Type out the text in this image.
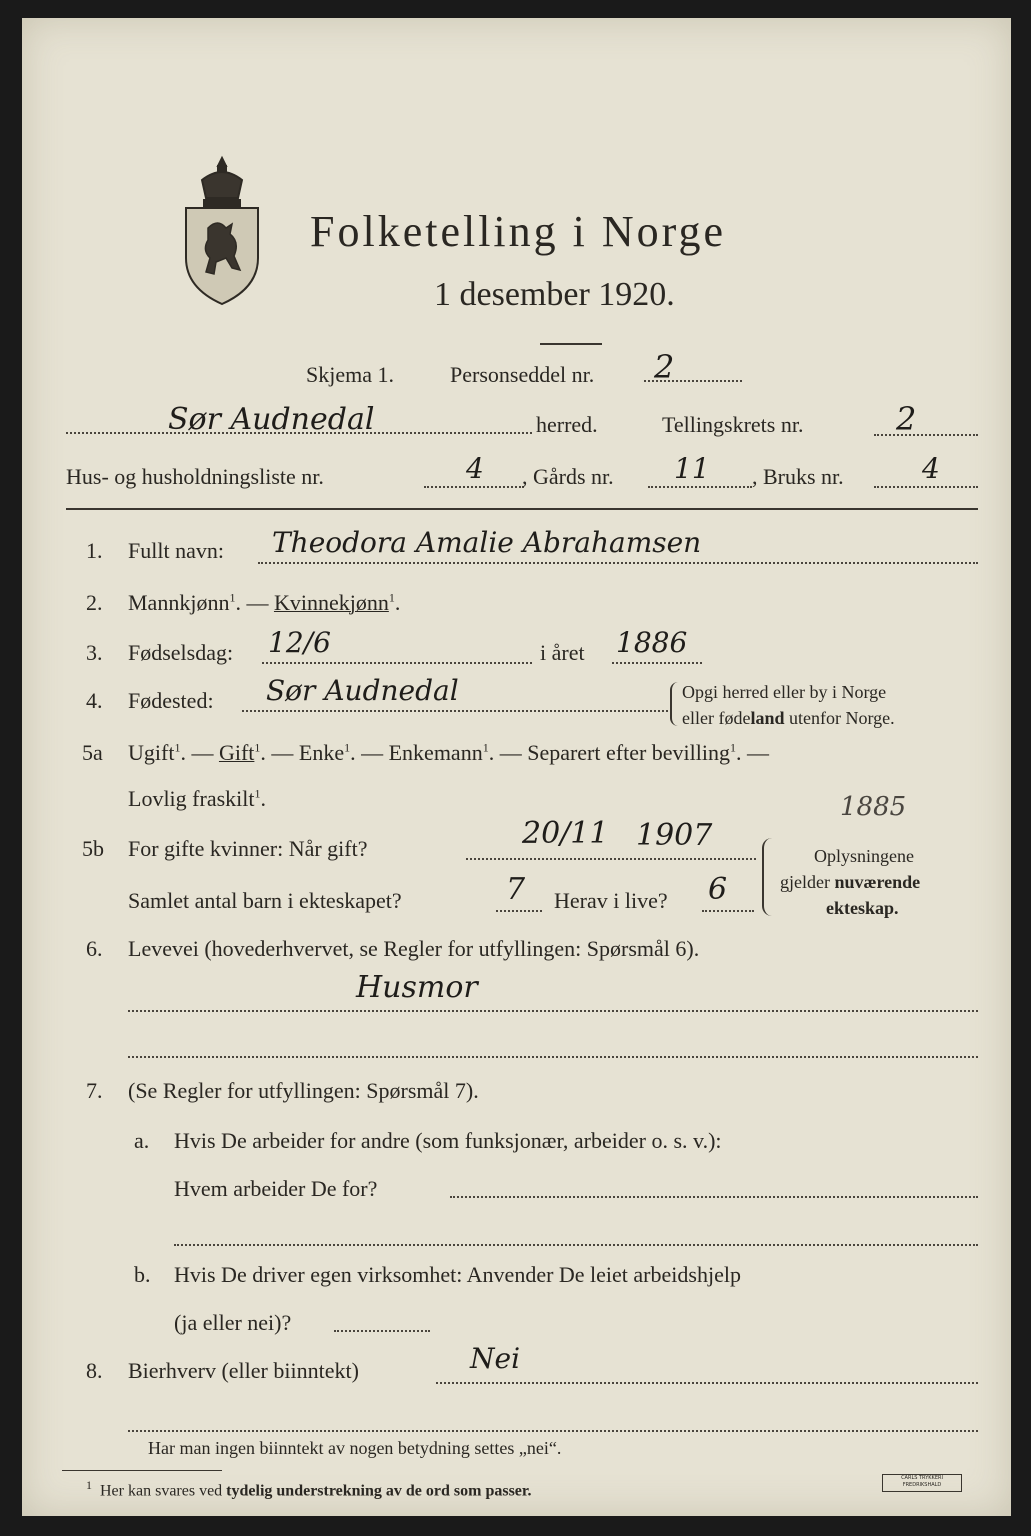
Folketelling i Norge
1 desember 1920.
Skjema 1.	Personseddel nr. 2
Sør Audnedal	herred.	Tellingskrets nr.	2
Hus- og husholdningsliste nr.	4 , Gårds nr. 11 , Bruks nr.	4
1. Fullt navn: Theodora Amalie Abrahamsen
2. Mannkjønn$^1$. — Kvinnekjønn$^1$.
3. Fødselsdag: 12/6	i året 1886
4. Fødested: Sør Audnedal	Opgi herred eller by i Norge
eller fødeland utenfor Norge.
5a Ugift$^1$. — Gift$^1$. — Enke$^1$. — Enkemann$^1$. — Separert efter bevilling$^1$. —
Lovlig fraskilt$^1$.	1885
5b For gifte kvinner: Når gift?	20/11 1907
Samlet antal barn i ekteskapet?	7 Herav i live? 6
Oplysningene
gjelder nuværende
ekteskap.
6. Levevei (hovederhvervet, se Regler for utfyllingen: Spørsmål 6).
Husmor
7. (Se Regler for utfyllingen: Spørsmål 7).
a. Hvis De arbeider for andre (som funksjonær, arbeider o. s. v.):
Hvem arbeider De for?
b. Hvis De driver egen virksomhet: Anvender De leiet arbeidshjelp
(ja eller nei)?
8. Bierhverv (eller biinntekt)	Nei
Har man ingen biinntekt av nogen betydning settes „nei“.
$^1$ Her kan svares ved tydelig understrekning av de ord som passer.
CARLS TRYKKERI FREDRIKSHALD
